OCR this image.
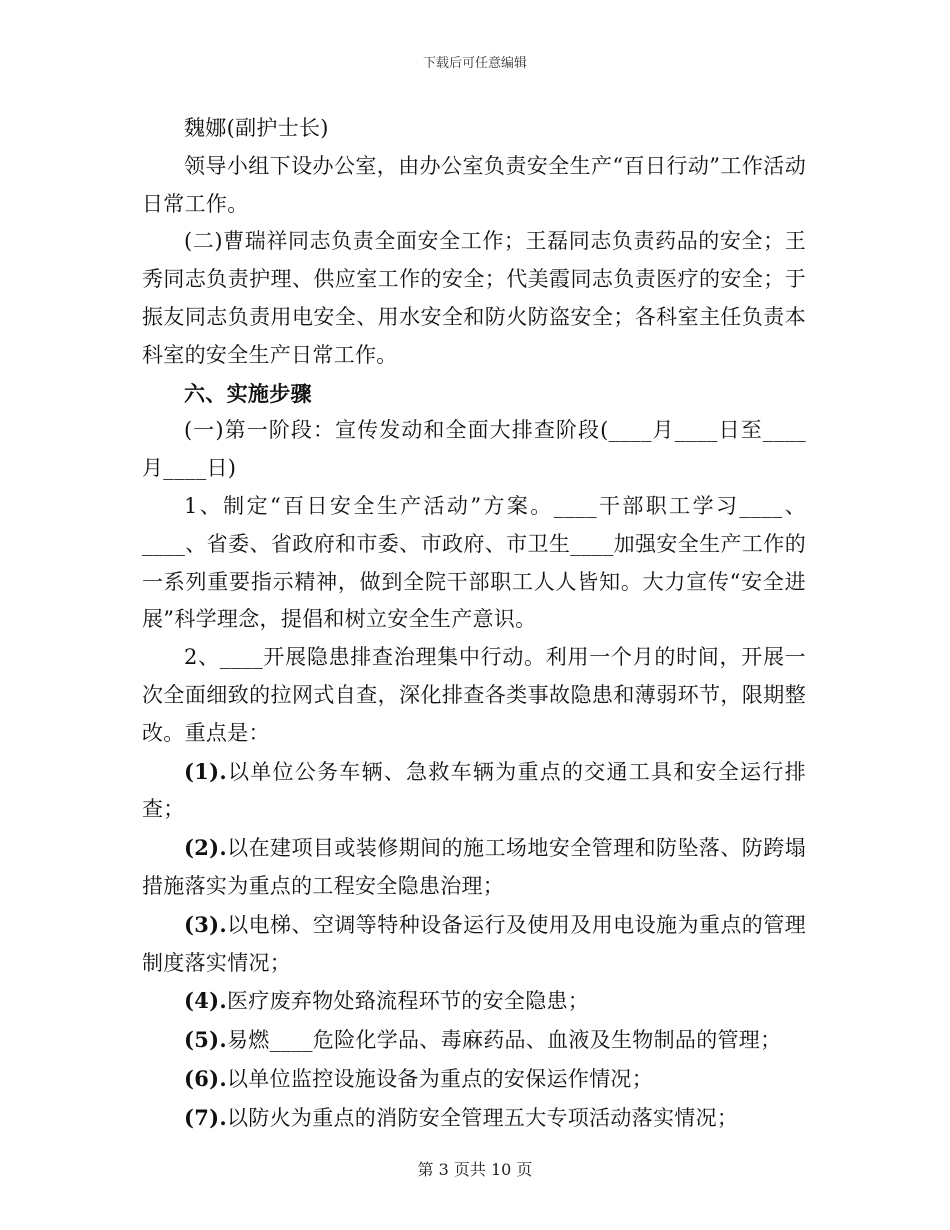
下载后可任意编辑

魏娜(副护士长)

领导小组下设办公室，由办公室负责安全生产“百日行动”工作活动日常工作。

(二)曹瑞祥同志负责全面安全工作；王磊同志负责药品的安全；王秀同志负责护理、供应室工作的安全；代美霞同志负责医疗的安全；于振友同志负责用电安全、用水安全和防火防盗安全；各科室主任负责本科室的安全生产日常工作。

六、实施步骤

(一)第一阶段：宣传发动和全面大排查阶段(____月____日至____月____日)

1、制定“百日安全生产活动”方案。____干部职工学习____、____、省委、省政府和市委、市政府、市卫生____加强安全生产工作的一系列重要指示精神，做到全院干部职工人人皆知。大力宣传“安全进展”科学理念，提倡和树立安全生产意识。

2、____开展隐患排查治理集中行动。利用一个月的时间，开展一次全面细致的拉网式自查，深化排查各类事故隐患和薄弱环节，限期整改。重点是：

(1).以单位公务车辆、急救车辆为重点的交通工具和安全运行排查；

(2).以在建项目或装修期间的施工场地安全管理和防坠落、防跨塌措施落实为重点的工程安全隐患治理；

(3).以电梯、空调等特种设备运行及使用及用电设施为重点的管理制度落实情况；

(4).医疗废弃物处臵流程环节的安全隐患；

(5).易燃____危险化学品、毒麻药品、血液及生物制品的管理；

(6).以单位监控设施设备为重点的安保运作情况；

(7).以防火为重点的消防安全管理五大专项活动落实情况；

第 3 页共 10 页
